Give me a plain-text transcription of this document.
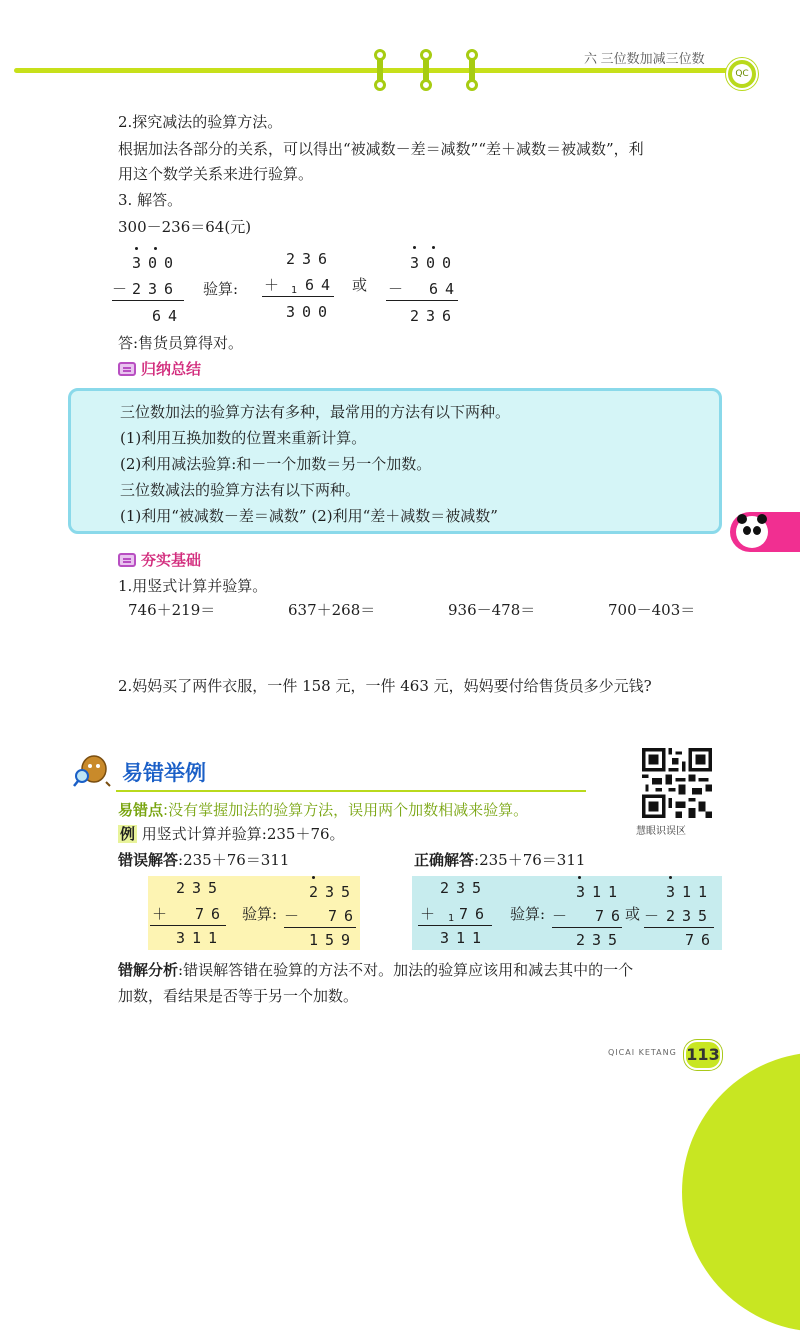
六 三位数加减三位数
QC
2.探究减法的验算方法。
根据加法各部分的关系，可以得出“被减数－差＝减数”“差＋减数＝被减数”，利
用这个数学关系来进行验算。
3. 解答。
300－236＝64(元)
300
－ 236
64
验算:
236
＋ 1 64
300
或
300
－ 64
236
答:售货员算得对。
归纳总结
三位数加法的验算方法有多种，最常用的方法有以下两种。
(1)利用互换加数的位置来重新计算。
(2)利用减法验算:和－一个加数＝另一个加数。
三位数减法的验算方法有以下两种。
(1)利用“被减数－差＝减数” (2)利用“差＋减数＝被减数”
夯实基础
1.用竖式计算并验算。
746＋219＝	637＋268＝	936－478＝	700－403＝
2.妈妈买了两件衣服，一件 158 元，一件 463 元，妈妈要付给售货员多少元钱?
易错举例
慧眼识误区
易错点:没有掌握加法的验算方法，误用两个加数相减来验算。
例 用竖式计算并验算:235＋76。
错误解答:235＋76＝311	正确解答:235＋76＝311
235
＋ 76
311
验算:
235
－ 76
159
235
＋ 1 76
311
验算:
311
－ 76
235
或
311
－ 235
76
错解分析:错误解答错在验算的方法不对。加法的验算应该用和减去其中的一个
加数，看结果是否等于另一个加数。
QICAI KETANG 113
